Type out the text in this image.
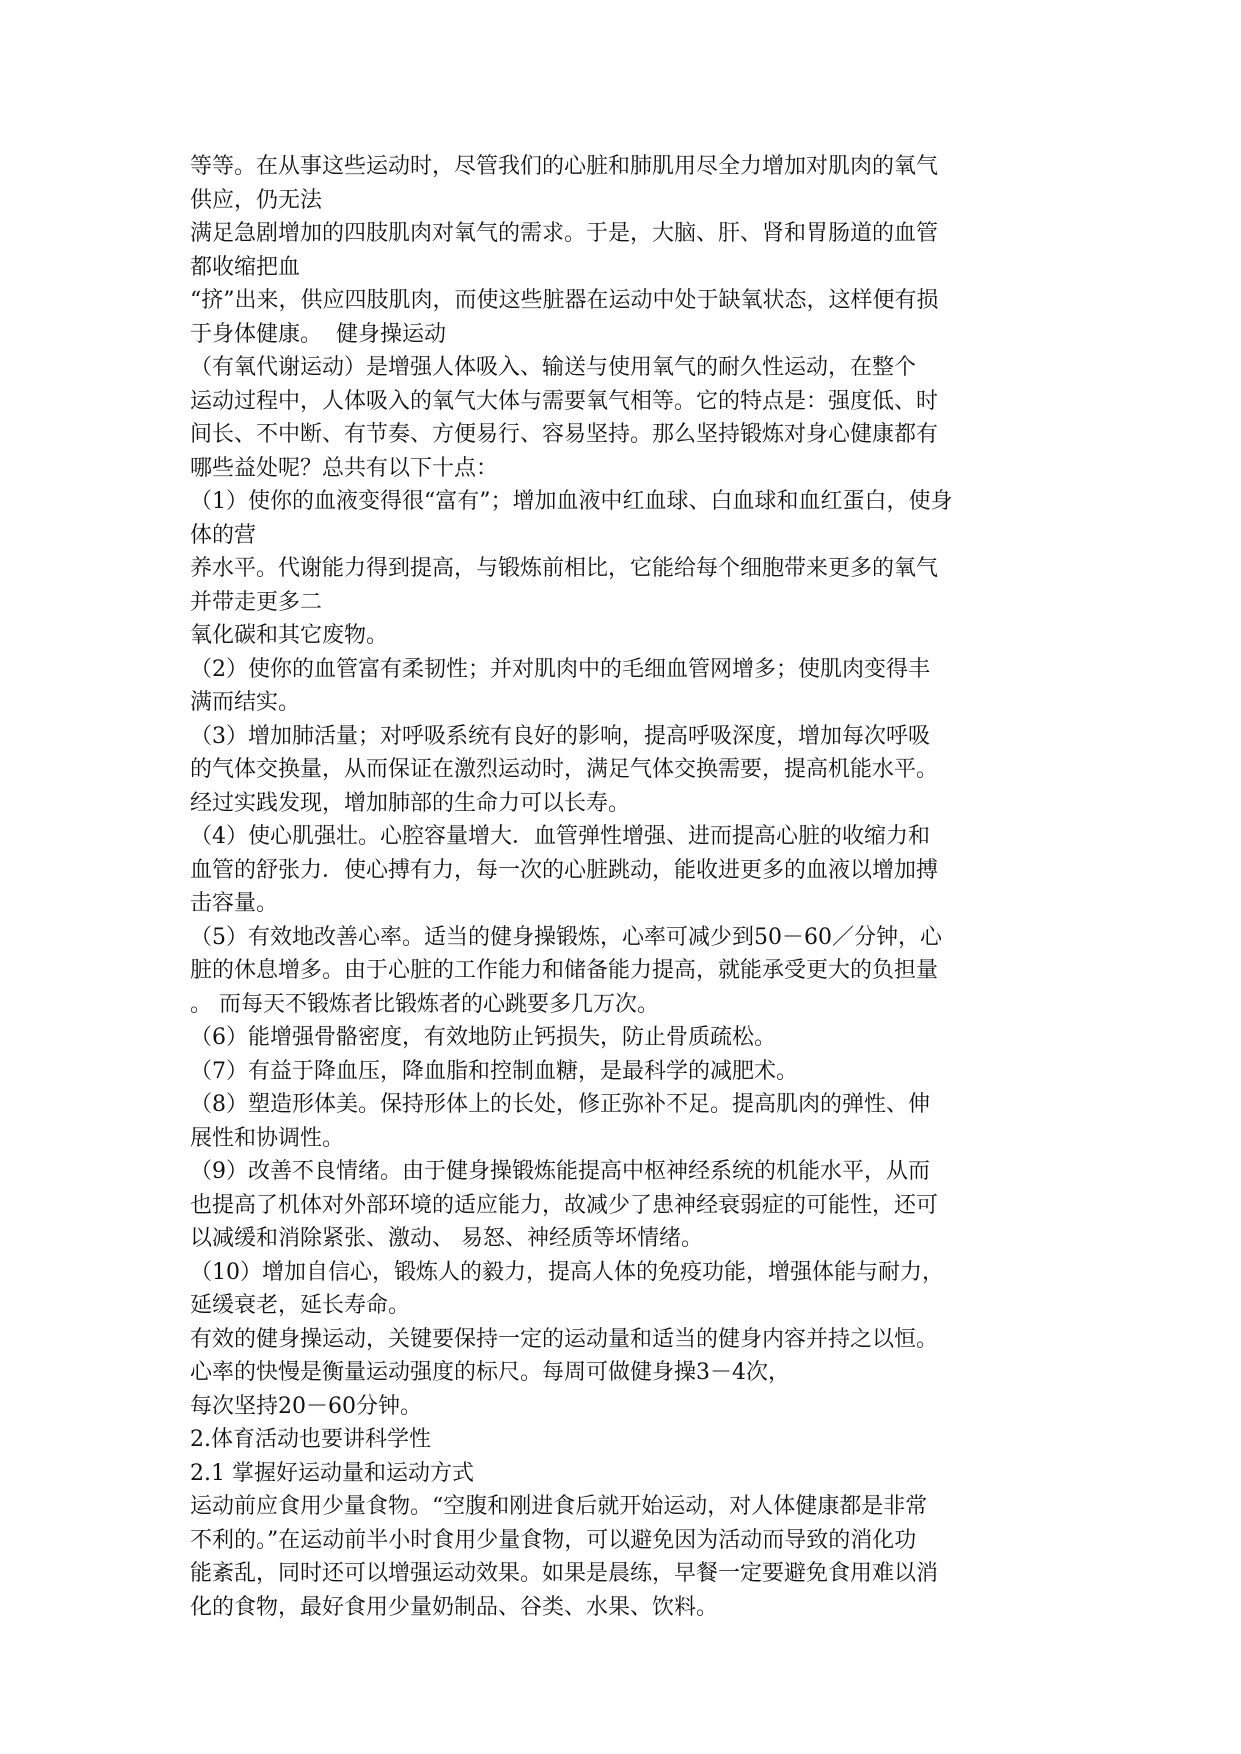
等等。在从事这些运动时，尽管我们的心脏和肺肌用尽全力增加对肌肉的氧气
供应，仍无法
满足急剧增加的四肢肌肉对氧气的需求。于是，大脑、肝、肾和胃肠道的血管
都收缩把血
“挤”出来，供应四肢肌肉，而使这些脏器在运动中处于缺氧状态，这样便有损
于身体健康。  健身操运动
（有氧代谢运动）是增强人体吸入、输送与使用氧气的耐久性运动，在整个
运动过程中，人体吸入的氧气大体与需要氧气相等。它的特点是：强度低、时
间长、不中断、有节奏、方便易行、容易坚持。那么坚持锻炼对身心健康都有
哪些益处呢？总共有以下十点：
（1）使你的血液变得很“富有”；增加血液中红血球、白血球和血红蛋白，使身
体的营
养水平。代谢能力得到提高，与锻炼前相比，它能给每个细胞带来更多的氧气
并带走更多二
氧化碳和其它废物。
（2）使你的血管富有柔韧性；并对肌肉中的毛细血管网增多；使肌肉变得丰
满而结实。
（3）增加肺活量；对呼吸系统有良好的影响，提高呼吸深度，增加每次呼吸
的气体交换量，从而保证在激烈运动时，满足气体交换需要，提高机能水平。
经过实践发现，增加肺部的生命力可以长寿。
（4）使心肌强壮。心腔容量增大．血管弹性增强、进而提高心脏的收缩力和
血管的舒张力．使心搏有力，每一次的心脏跳动，能收进更多的血液以增加搏
击容量。
（5）有效地改善心率。适当的健身操锻炼，心率可减少到50－60／分钟，心
脏的休息增多。由于心脏的工作能力和储备能力提高，就能承受更大的负担量
。 而每天不锻炼者比锻炼者的心跳要多几万次。
（6）能增强骨骼密度，有效地防止钙损失，防止骨质疏松。
（7）有益于降血压，降血脂和控制血糖，是最科学的减肥术。
（8）塑造形体美。保持形体上的长处，修正弥补不足。提高肌肉的弹性、伸
展性和协调性。
（9）改善不良情绪。由于健身操锻炼能提高中枢神经系统的机能水平，从而
也提高了机体对外部环境的适应能力，故减少了患神经衰弱症的可能性，还可
以减缓和消除紧张、激动、 易怒、神经质等坏情绪。
（10）增加自信心，锻炼人的毅力，提高人体的免疫功能，增强体能与耐力，
延缓衰老，延长寿命。
有效的健身操运动，关键要保持一定的运动量和适当的健身内容并持之以恒。
心率的快慢是衡量运动强度的标尺。每周可做健身操3－4次，
每次坚持20－60分钟。
2.体育活动也要讲科学性
2.1 掌握好运动量和运动方式
运动前应食用少量食物。“空腹和刚进食后就开始运动，对人体健康都是非常
不利的。”在运动前半小时食用少量食物，可以避免因为活动而导致的消化功
能紊乱，同时还可以增强运动效果。如果是晨练，早餐一定要避免食用难以消
化的食物，最好食用少量奶制品、谷类、水果、饮料。
